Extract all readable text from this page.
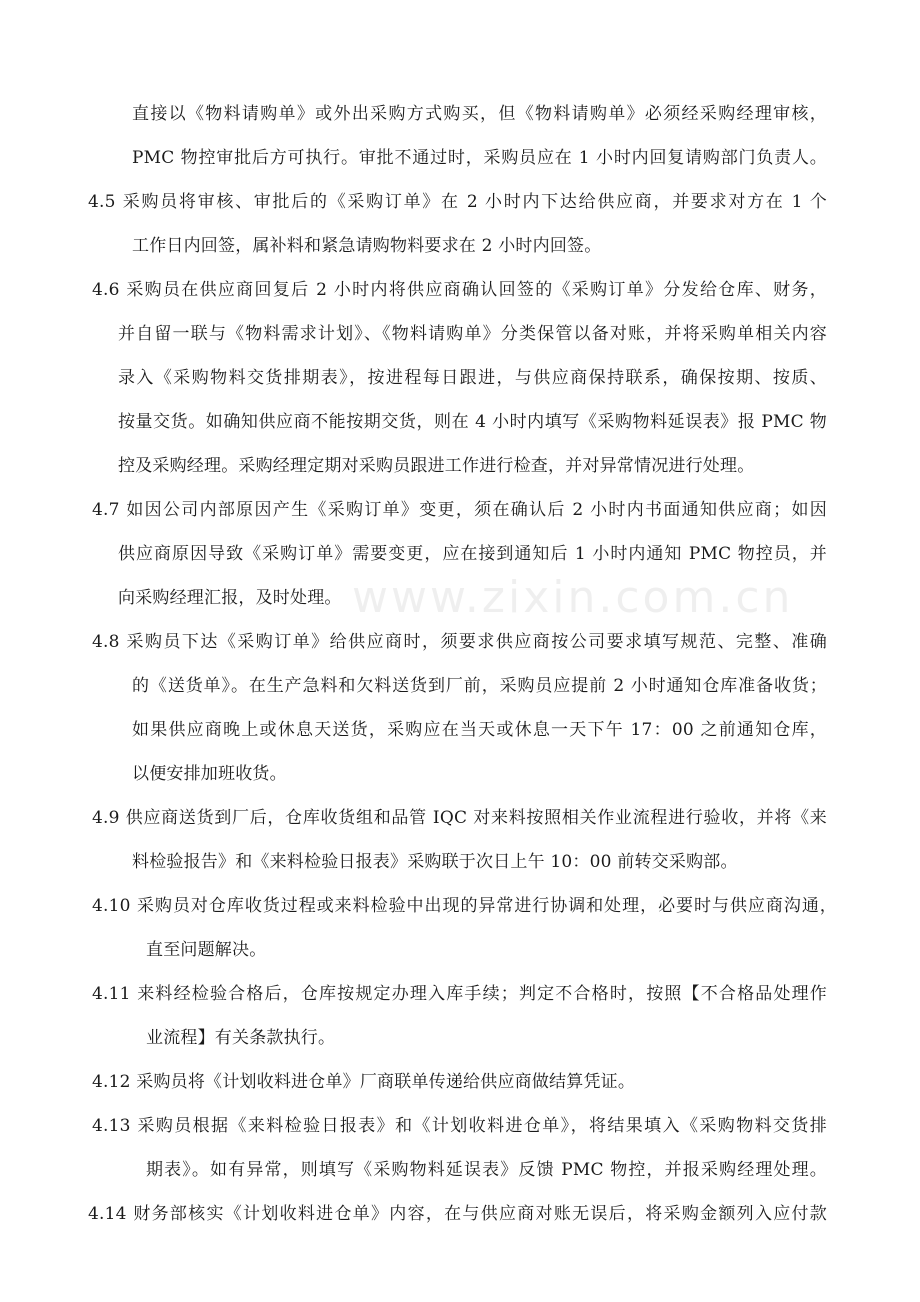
www.zixin.com.cn
直接以《物料请购单》或外出采购方式购买，但《物料请购单》必须经采购经理审核，
PMC 物控审批后方可执行。审批不通过时，采购员应在 1 小时内回复请购部门负责人。
4.5 采购员将审核、审批后的《采购订单》在 2 小时内下达给供应商，并要求对方在 1 个
工作日内回签，属补料和紧急请购物料要求在 2 小时内回签。
4.6 采购员在供应商回复后 2 小时内将供应商确认回签的《采购订单》分发给仓库、财务，
并自留一联与《物料需求计划》、《物料请购单》分类保管以备对账，并将采购单相关内容
录入《采购物料交货排期表》，按进程每日跟进，与供应商保持联系，确保按期、按质、
按量交货。如确知供应商不能按期交货，则在 4 小时内填写《采购物料延误表》报 PMC 物
控及采购经理。采购经理定期对采购员跟进工作进行检查，并对异常情况进行处理。
4.7 如因公司内部原因产生《采购订单》变更，须在确认后 2 小时内书面通知供应商；如因
供应商原因导致《采购订单》需要变更，应在接到通知后 1 小时内通知 PMC 物控员，并
向采购经理汇报，及时处理。
4.8 采购员下达《采购订单》给供应商时，须要求供应商按公司要求填写规范、完整、准确
的《送货单》。在生产急料和欠料送货到厂前，采购员应提前 2 小时通知仓库准备收货；
如果供应商晚上或休息天送货，采购应在当天或休息一天下午 17：00 之前通知仓库，
以便安排加班收货。
4.9 供应商送货到厂后，仓库收货组和品管 IQC 对来料按照相关作业流程进行验收，并将《来
料检验报告》和《来料检验日报表》采购联于次日上午 10：00 前转交采购部。
4.10 采购员对仓库收货过程或来料检验中出现的异常进行协调和处理，必要时与供应商沟通，
直至问题解决。
4.11 来料经检验合格后，仓库按规定办理入库手续；判定不合格时，按照【不合格品处理作
业流程】有关条款执行。
4.12 采购员将《计划收料进仓单》厂商联单传递给供应商做结算凭证。
4.13 采购员根据《来料检验日报表》和《计划收料进仓单》，将结果填入《采购物料交货排
期表》。如有异常，则填写《采购物料延误表》反馈 PMC 物控，并报采购经理处理。
4.14 财务部核实《计划收料进仓单》内容，在与供应商对账无误后，将采购金额列入应付款
